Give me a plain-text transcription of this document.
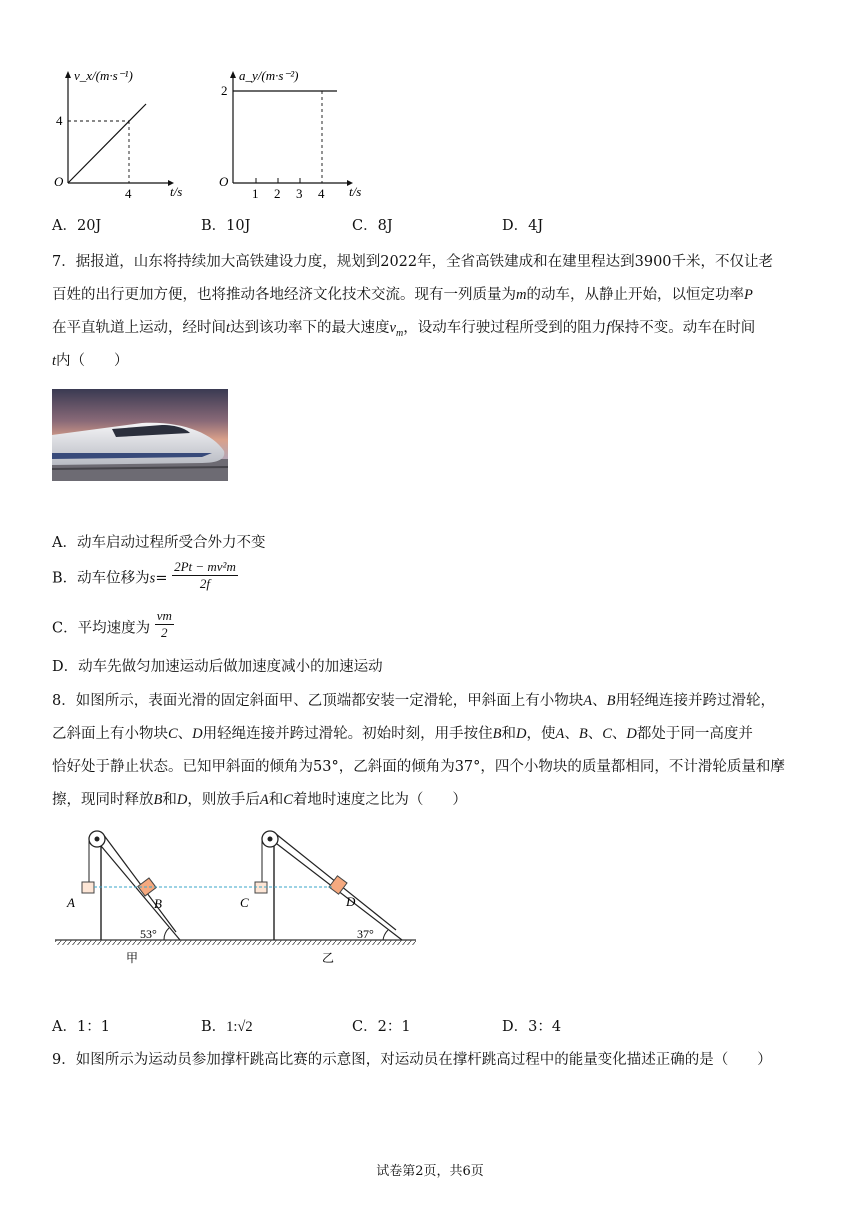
v_x/(m·s⁻¹)
t/s
O
4
4
a_y/(m·s⁻²)
t/s
O
2
1 2 3 4
A．20J	B．10J	C．8J	D．4J
7．据报道，山东将持续加大高铁建设力度，规划到2022年，全省高铁建成和在建里程达到3900千米，不仅让老
百姓的出行更加方便，也将推动各地经济文化技术交流。现有一列质量为m的动车，从静止开始，以恒定功率P
在平直轨道上运动，经时间t达到该功率下的最大速度$v_m$，设动车行驶过程所受到的阻力f保持不变。动车在时间
t内（　　）
A．动车启动过程所受合外力不变
B．动车位移为$s= \frac{\text{2Pt − mv²m}}{2f}$
C．平均速度为 $\frac{vm}{2}$
D．动车先做匀加速运动后做加速度减小的加速运动
8．如图所示，表面光滑的固定斜面甲、乙顶端都安装一定滑轮，甲斜面上有小物块A、B用轻绳连接并跨过滑轮，
乙斜面上有小物块C、D用轻绳连接并跨过滑轮。初始时刻，用手按住B和D，使A、B、C、D都处于同一高度并
恰好处于静止状态。已知甲斜面的倾角为53°，乙斜面的倾角为37°，四个小物块的质量都相同，不计滑轮质量和摩
擦，现同时释放B和D，则放手后A和C着地时速度之比为（　　）
A	B	C	D
53°	37°
甲	乙
A．1：1	B．1:√2	C．2：1	D．3：4
9．如图所示为运动员参加撑杆跳高比赛的示意图，对运动员在撑杆跳高过程中的能量变化描述正确的是（　　）
试卷第2页，共6页
